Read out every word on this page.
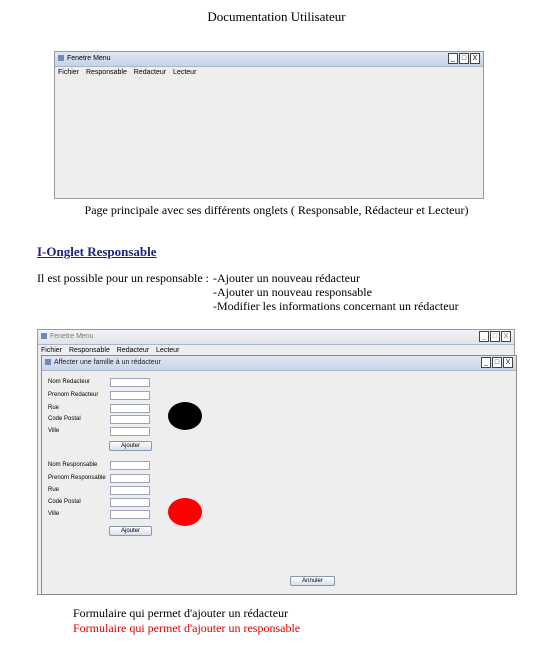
Documentation Utilisateur
Fenetre Menu	_ □ X
Fichier Responsable Redacteur Lecteur
Page principale avec ses différents onglets ( Responsable, Rédacteur et Lecteur)
I-Onglet Responsable
Il est possible pour un responsable : -Ajouter un nouveau rédacteur
-Ajouter un nouveau responsable
-Modifier les informations concernant un rédacteur
Fenetre Menu	_ □ X
Fichier Responsable Redacteur Lecteur
Affecter une famille à un rédacteur	_ □ X
Nom Redacteur
Prenom Redacteur
Rue
Code Postal
Ville
Ajouter
Nom Responsable
Prenom Responsable
Rue
Code Postal
Ville
Ajouter
Annuler
Formulaire qui permet d'ajouter un rédacteur
Formulaire qui permet d'ajouter un responsable
